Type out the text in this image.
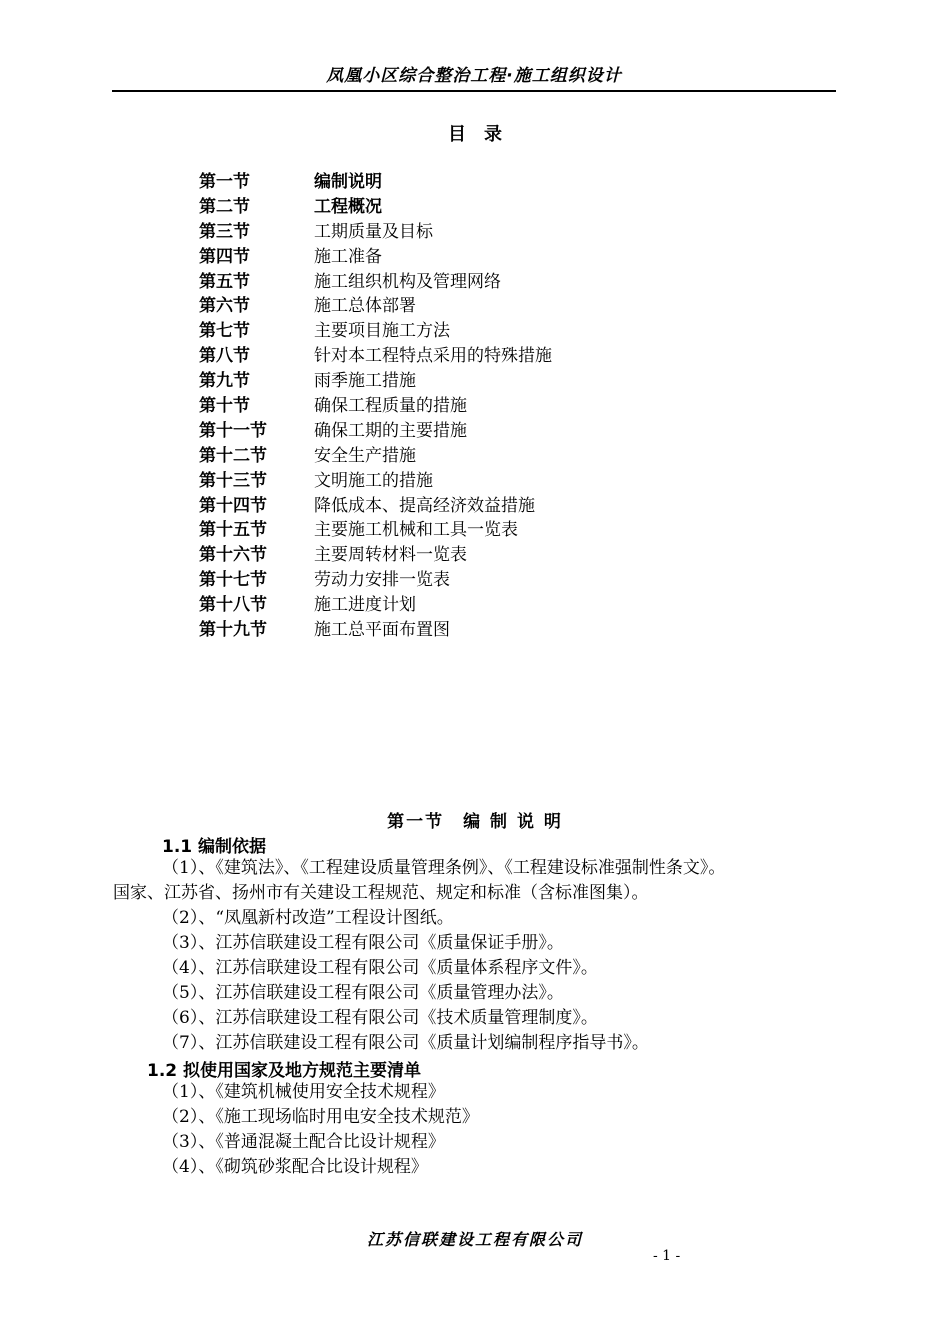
凤凰小区综合整治工程·施工组织设计
目　录
第一节	编制说明
第二节	工程概况
第三节	工期质量及目标
第四节	施工准备
第五节	施工组织机构及管理网络
第六节	施工总体部署
第七节	主要项目施工方法
第八节	针对本工程特点采用的特殊措施
第九节	雨季施工措施
第十节	确保工程质量的措施
第十一节	确保工期的主要措施
第十二节	安全生产措施
第十三节	文明施工的措施
第十四节	降低成本、提高经济效益措施
第十五节	主要施工机械和工具一览表
第十六节	主要周转材料一览表
第十七节	劳动力安排一览表
第十八节	施工进度计划
第十九节	施工总平面布置图
第一节　编 制 说 明
1.1 编制依据
（1）、《建筑法》、《工程建设质量管理条例》、《工程建设标准强制性条文》。
国家、江苏省、扬州市有关建设工程规范、规定和标准（含标准图集）。
（2）、“凤凰新村改造”工程设计图纸。
（3）、江苏信联建设工程有限公司《质量保证手册》。
（4）、江苏信联建设工程有限公司《质量体系程序文件》。
（5）、江苏信联建设工程有限公司《质量管理办法》。
（6）、江苏信联建设工程有限公司《技术质量管理制度》。
（7）、江苏信联建设工程有限公司《质量计划编制程序指导书》。
1.2 拟使用国家及地方规范主要清单
（1）、《建筑机械使用安全技术规程》
（2）、《施工现场临时用电安全技术规范》
（3）、《普通混凝土配合比设计规程》
（4）、《砌筑砂浆配合比设计规程》
江苏信联建设工程有限公司
- 1 -
